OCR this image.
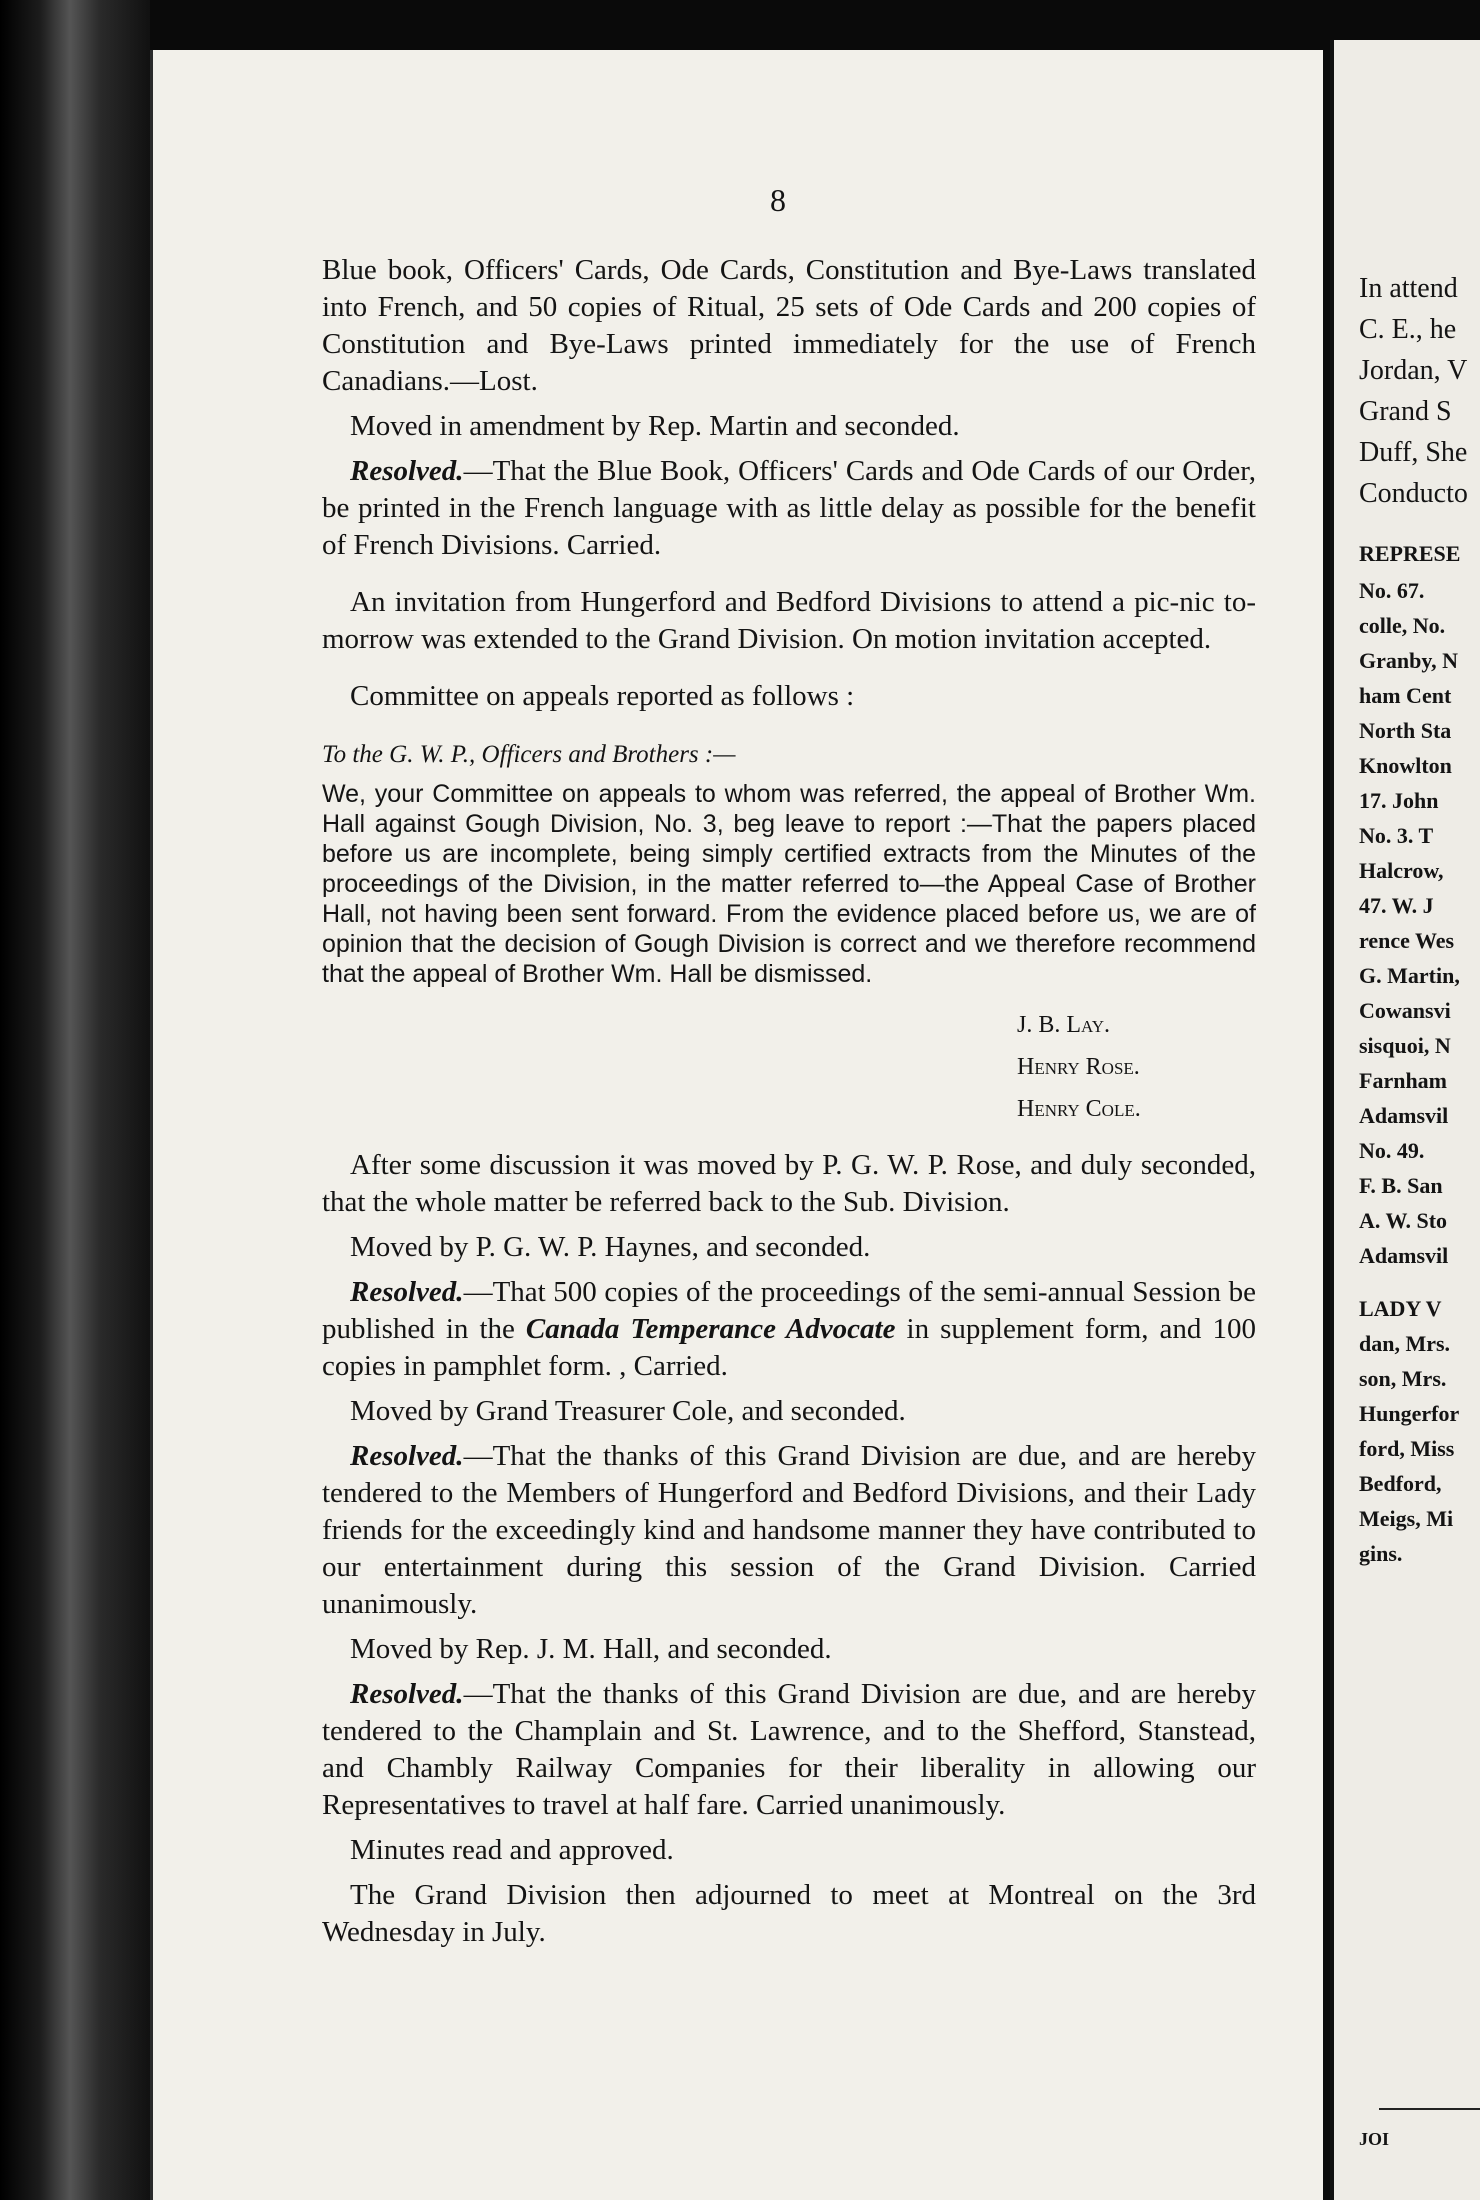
8

Blue book, Officers' Cards, Ode Cards, Constitution and Bye-Laws translated into French, and 50 copies of Ritual, 25 sets of Ode Cards and 200 copies of Constitution and Bye-Laws printed immediately for the use of French Canadians.—Lost.

Moved in amendment by Rep. Martin and seconded.

Resolved.—That the Blue Book, Officers' Cards and Ode Cards of our Order, be printed in the French language with as little delay as possible for the benefit of French Divisions. Carried.

An invitation from Hungerford and Bedford Divisions to attend a pic-nic to-morrow was extended to the Grand Division. On motion invitation accepted.

Committee on appeals reported as follows :

To the G. W. P., Officers and Brothers :—

We, your Committee on appeals to whom was referred, the appeal of Brother Wm. Hall against Gough Division, No. 3, beg leave to report :—That the papers placed before us are incomplete, being simply certified extracts from the Minutes of the proceedings of the Division, in the matter referred to—the Appeal Case of Brother Hall, not having been sent forward. From the evidence placed before us, we are of opinion that the decision of Gough Division is correct and we therefore recommend that the appeal of Brother Wm. Hall be dismissed.

J. B. Lay.

Henry Rose.

Henry Cole.

After some discussion it was moved by P. G. W. P. Rose, and duly seconded, that the whole matter be referred back to the Sub. Division.

Moved by P. G. W. P. Haynes, and seconded.

Resolved.—That 500 copies of the proceedings of the semi-annual Session be published in the Canada Temperance Advocate in supplement form, and 100 copies in pamphlet form. , Carried.

Moved by Grand Treasurer Cole, and seconded.

Resolved.—That the thanks of this Grand Division are due, and are hereby tendered to the Members of Hungerford and Bedford Divisions, and their Lady friends for the exceedingly kind and handsome manner they have contributed to our entertainment during this session of the Grand Division. Carried unanimously.

Moved by Rep. J. M. Hall, and seconded.

Resolved.—That the thanks of this Grand Division are due, and are hereby tendered to the Champlain and St. Lawrence, and to the Shefford, Stanstead, and Chambly Railway Companies for their liberality in allowing our Representatives to travel at half fare. Carried unanimously.

Minutes read and approved.

The Grand Division then adjourned to meet at Montreal on the 3rd Wednesday in July.

In attend
C. E., he
Jordan, V
Grand S
Duff, She
Conducto
REPRESE
No. 67.
colle, No.
Granby, N
ham Cent
North Sta
Knowlton
17. John
No. 3. T
Halcrow,
47. W. J
rence Wes
G. Martin,
Cowansvi
sisquoi, N
Farnham
Adamsvil
No. 49.
F. B. San
A. W. Sto
Adamsvil
LADY V
dan, Mrs.
son, Mrs.
Hungerfor
ford, Miss
Bedford,
Meigs, Mi
gins.
JOI
